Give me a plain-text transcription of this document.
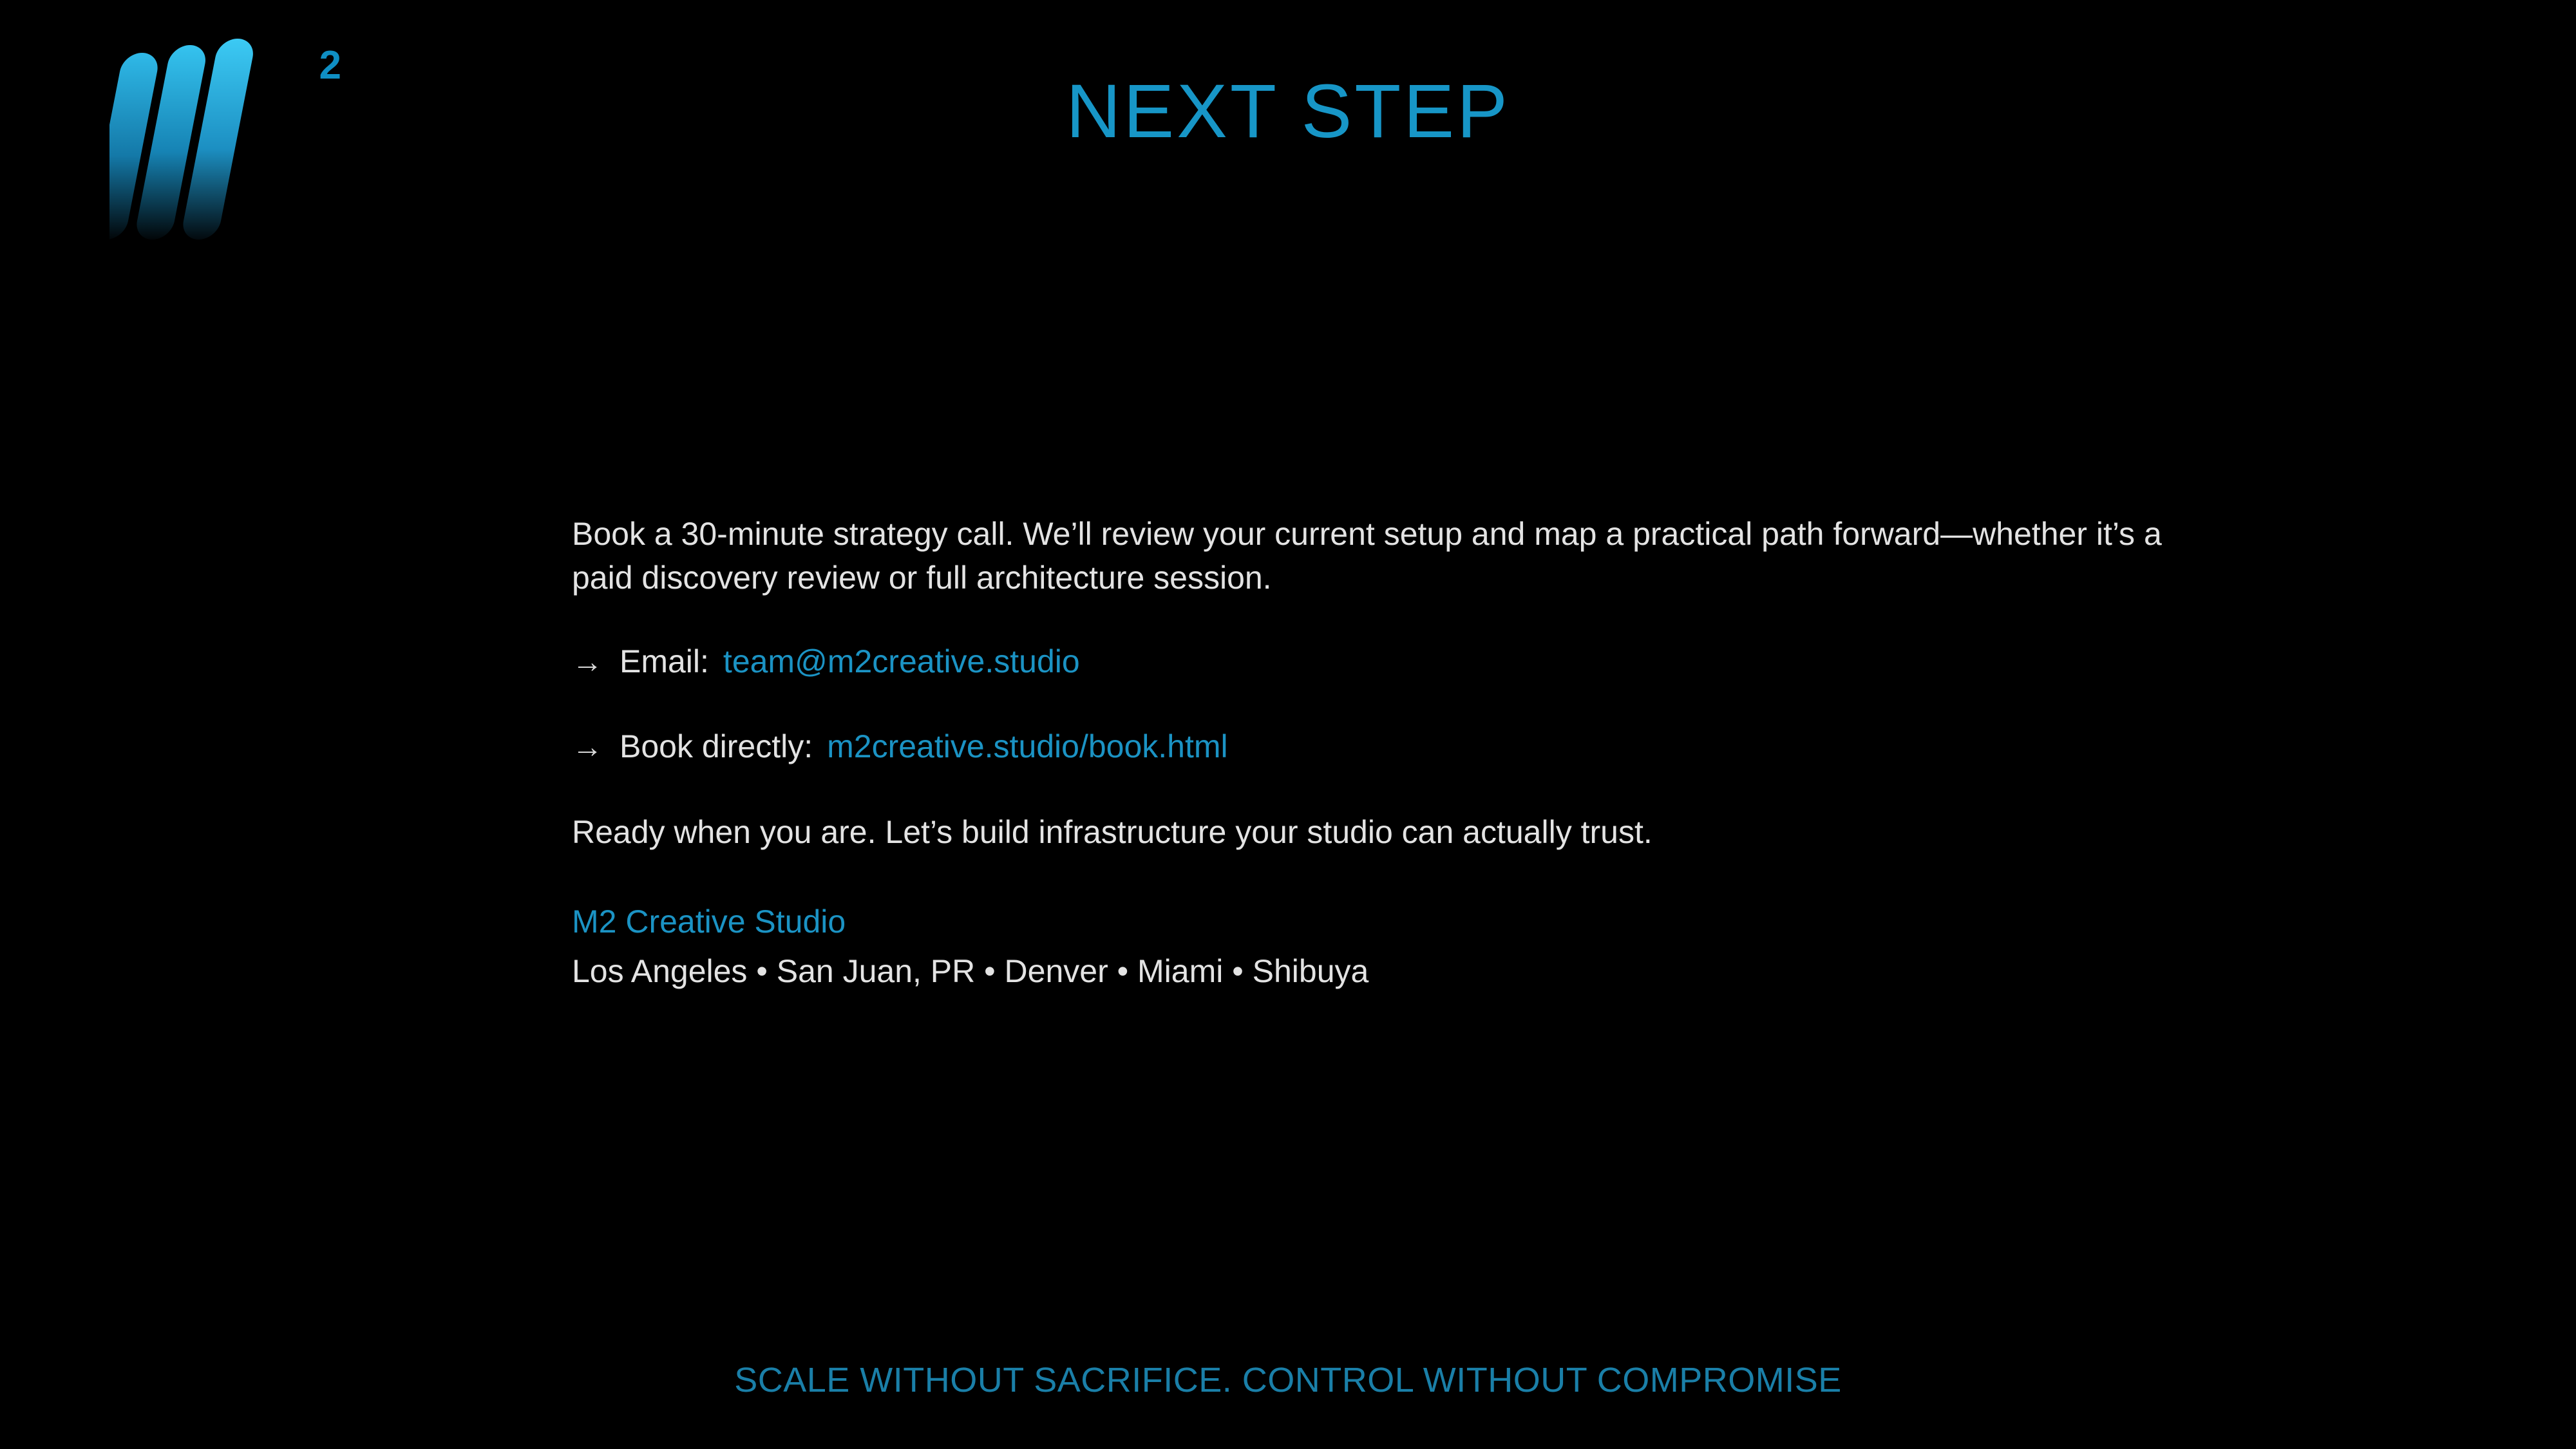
2
NEXT STEP

Book a 30-minute strategy call. We’ll review your current setup and map a practical path forward—whether it’s a paid discovery review or full architecture session.

→ Email: team@m2creative.studio
→ Book directly: m2creative.studio/book.html

Ready when you are. Let’s build infrastructure your studio can actually trust.

M2 Creative Studio

Los Angeles • San Juan, PR • Denver • Miami • Shibuya

SCALE WITHOUT SACRIFICE. CONTROL WITHOUT COMPROMISE
